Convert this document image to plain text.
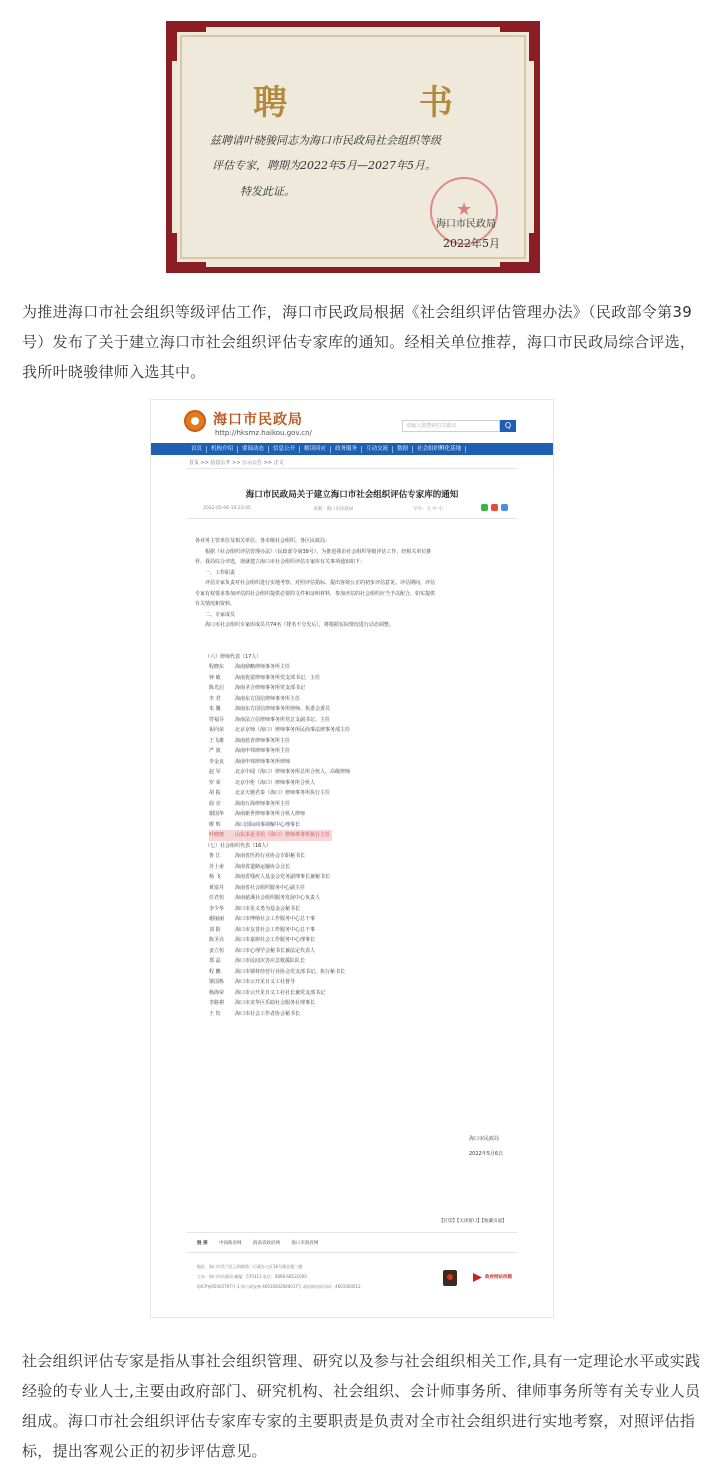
聘 书
兹聘请叶晓骏同志为海口市民政局社会组织等级
评估专家，聘期为2022年5月—2027年5月。
特发此证。
★
海口市民政局
2022年5月

为推进海口市社会组织等级评估工作，海口市民政局根据《社会组织评估管理办法》（民政部令第39号）发布了关于建立海口市社会组织评估专家库的通知。经相关单位推荐，海口市民政局综合评选，我所叶晓骏律师入选其中。

海口市民政局
http://hksmz.haikou.gov.cn/
请输入要搜索的关键词	Q
首页	机构介绍	要闻动态	信息公开	解读回应	政务服务	互动交流	数据	社会组织孵化基地
首页 >> 信息公开 >> 公示公告 >> 正文
海口市民政局关于建立海口市社会组织评估专家库的通知
2022-05-06 10:23:45	来源：海口市民政局	字号：大 中 小
各业务主管单位及相关单位、各市级社会组织、各区民政局：
根据《社会组织评估管理办法》（民政部令第39号），为推进我市社会组织等级评估工作，经相关单位推
荐、我局综合评选，现就建立海口市社会组织评估专家库有关事项通知如下：
一、工作职责
评估专家负责对社会组织进行实地考察、对照评估指标、提出客观公正的初步评估意见。评估期间，评估
专家有权要求参加评估的社会组织提供必要的文件和证明材料，参加评估的社会组织应当予以配合，如实提供
有关情况和资料。
二、专家成员
海口市社会组织专家库成员共74名（排名不分先后），将根据实际情况进行动态调整。
（六）律师代表（17人）
程晓东 海南鼎略律师事务所主任
钟 敏	海南优富律师事务所党支部书记、主任
陈光启 海南圣合律师事务所党支部书记
李 君	海南东方国信律师事务所主任
朱 馨	海南东方国信律师事务所律师、执委会委员
符福芬 海南法立信律师事务所党总支副书记、主任
祝向荣 北京京师（海口）律师事务所民商事法律事务部主任
王飞雄 海南蓝青律师事务所主任
严 波	海南申邦律师事务所主任
李金良 海南申邦律师事务所律师
赵 军	北京中闻（海口）律师事务所总所合伙人、高级律师
罗 荣	北京中伦（海口）律师事务所合伙人
胡 振	北京天驰君泰（海口）律师事务所执行主任
曲 亮	海南万海律师事务所主任
谢国华 海南新世律师事务所合伙人律师
缪 辉	海口国际商事调解中心理事长
叶晓骏 山东求是圣信（海口）律师事务所执行主任
（七）社会组织代表（16人）
鲁 江	海南省医药行业协会专职秘书长
苏士甫 海南省道路运输协会会长
杨 飞	海南省残疾人基金会党务副理事长兼秘书长
黄富丹 海南省社会组织服务中心副主任
任君恒 海南慈溪社会组织服务发展中心负责人
李少华 海口市见义勇为基金会秘书长
谢丽丽 海口市博纳社会工作服务中心总干事
刘 阳	海口市友善社会工作服务中心总干事
陈圣亮 海口市嘉树社会工作服务中心理事长
姜立恒 海口市心理学会秘书长兼法定代表人
郑 晶	海口市民间灾害应急救援队队长
程 鹏	海口市钢材经营行业协会党支部书记、执行秘书长
梁国栋 海口市云开见日义工社督导
杨海荣 海口市云开见日义工社社长兼党支部书记
李路祺 海口市龙华区乐助社会服务社理事长
王 钰	海口市社会工作者协会秘书长
海口市民政局
2022年5月6日
【打印】【关闭窗口】【收藏页面】
链 接	中国政府网	海南省政府网	海口市政府网
地址：海口市美兰区云海路第二行政办公区16号楼北楼三楼
主办：海口市民政局 邮编：570311 电话：0898-68531000
琼ICP备05002797号-1 琼公网安备 46010502000017号 政府网站标识码：4601000012
政府网站找错

社会组织评估专家是指从事社会组织管理、研究以及参与社会组织相关工作,具有一定理论水平或实践经验的专业人士,主要由政府部门、研究机构、社会组织、会计师事务所、律师事务所等有关专业人员组成。海口市社会组织评估专家库专家的主要职责是负责对全市社会组织进行实地考察，对照评估指标，提出客观公正的初步评估意见。
